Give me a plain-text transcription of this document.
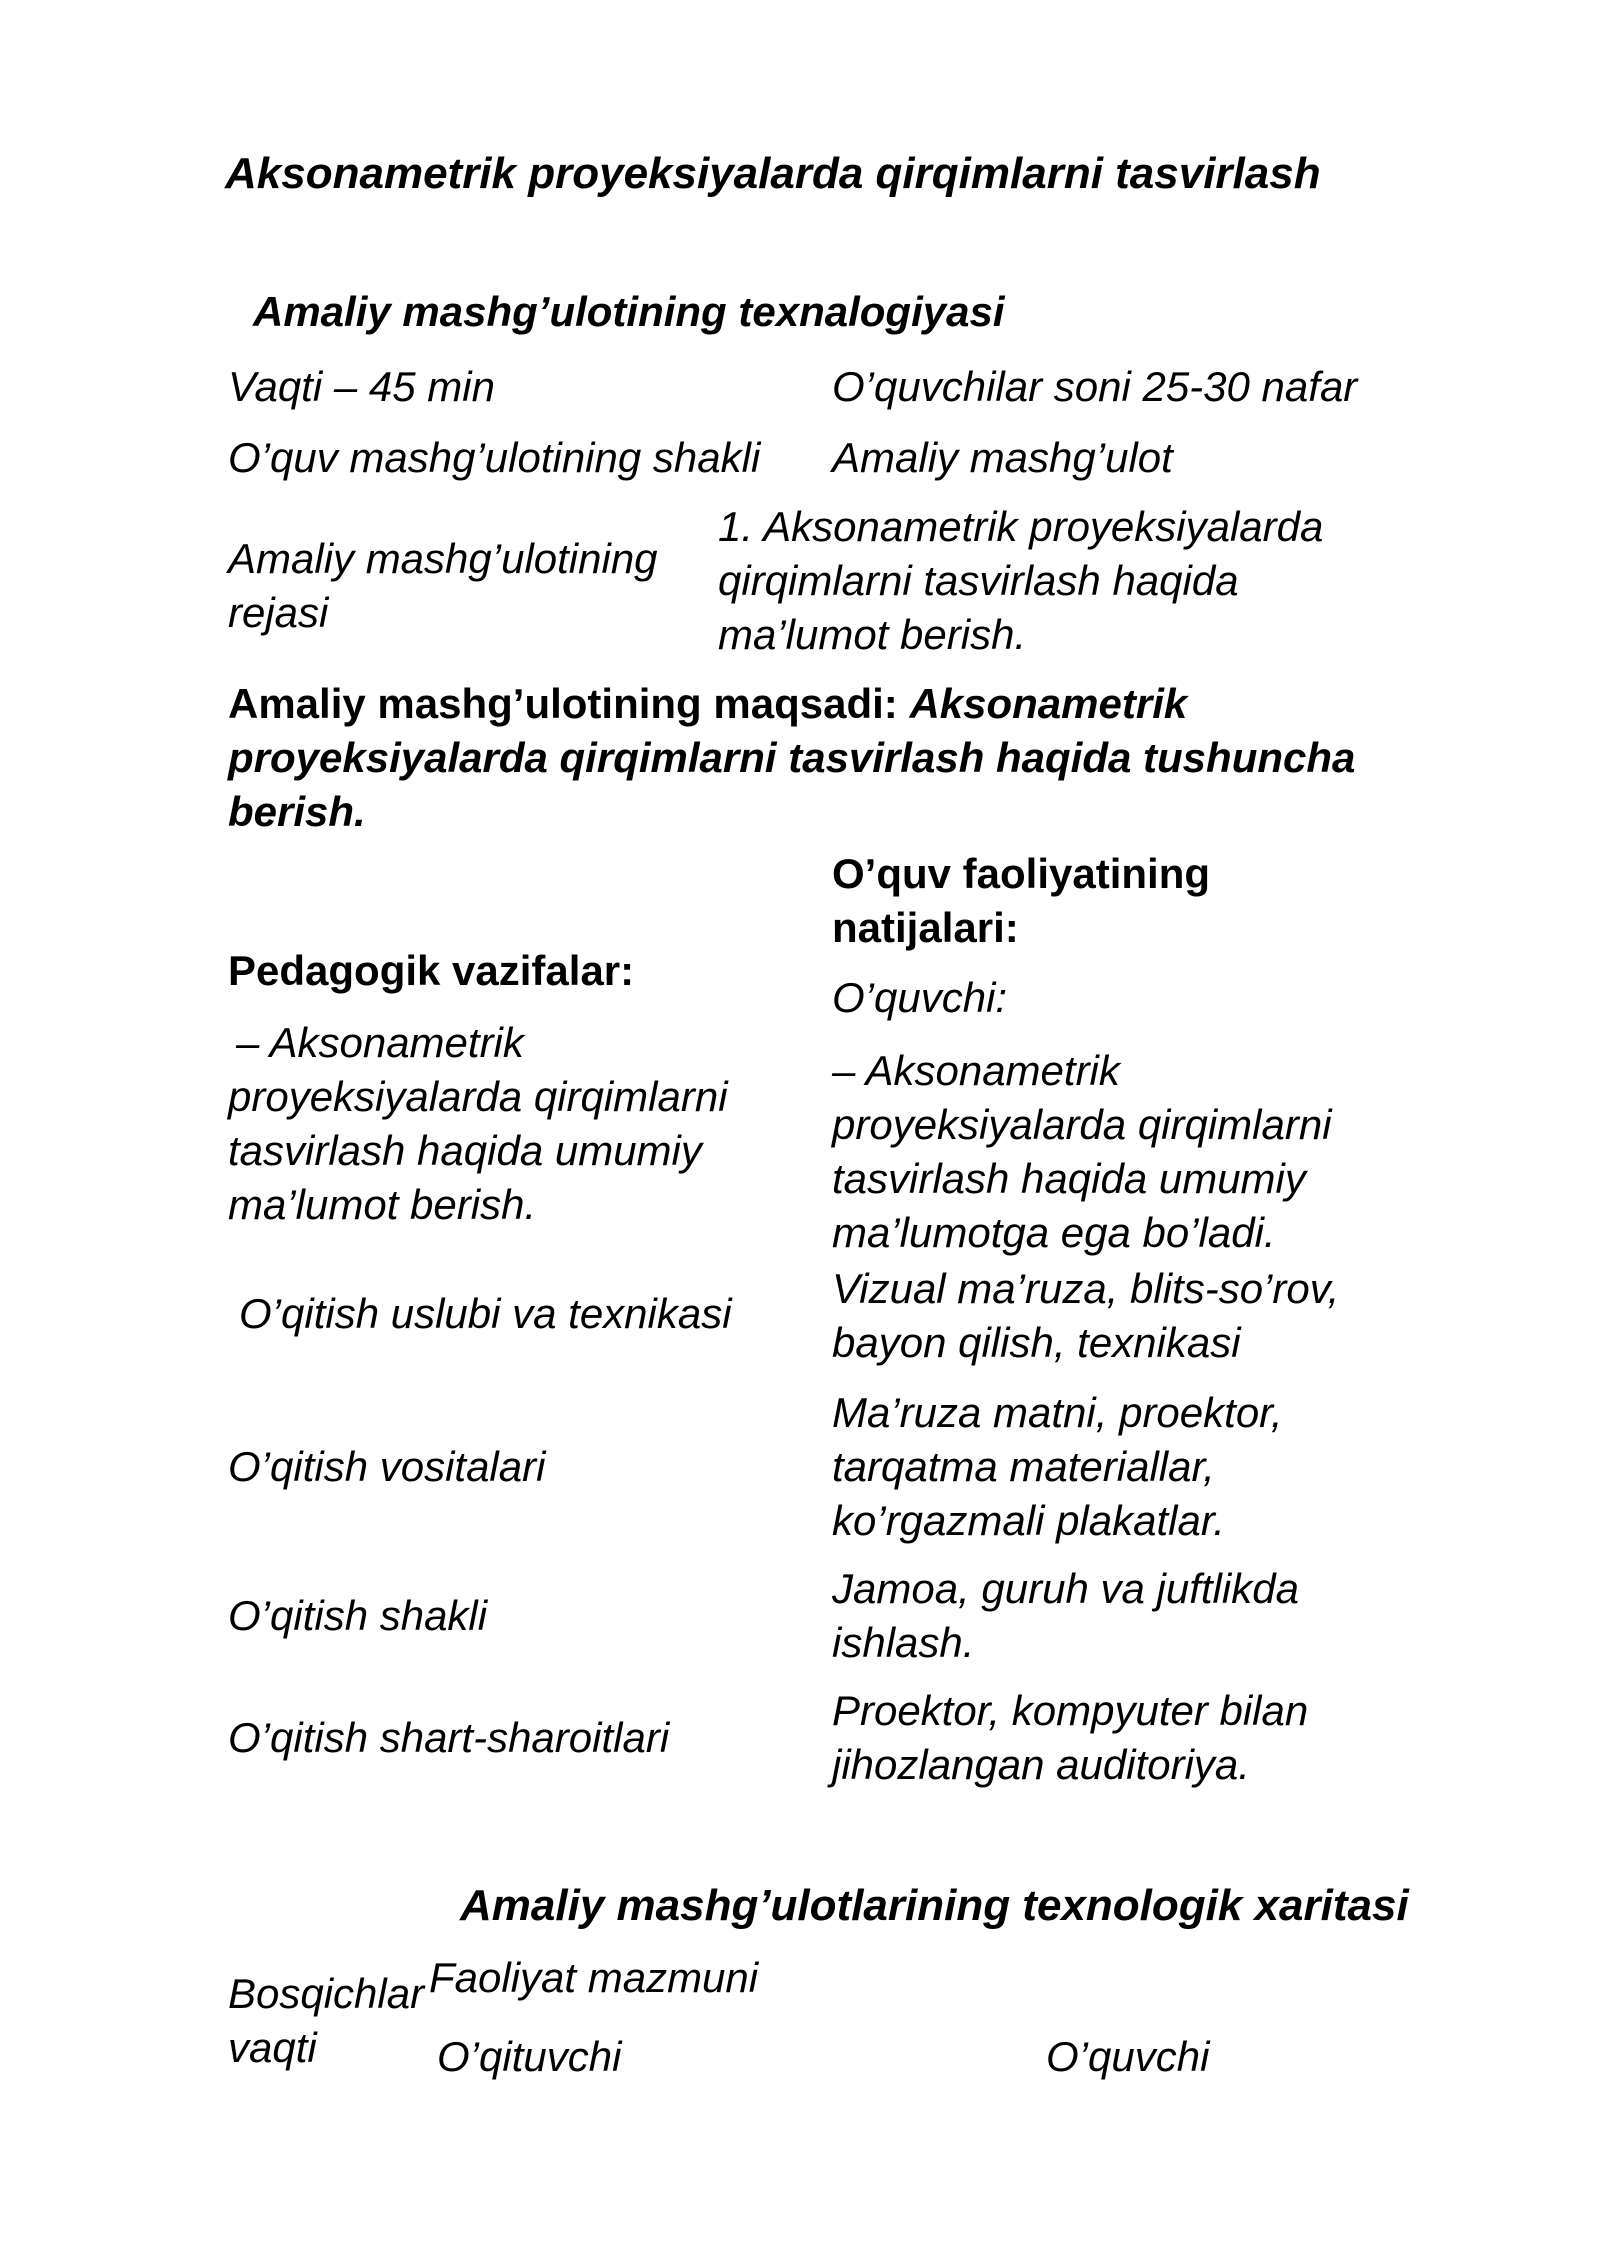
Aksonametrik proyeksiyalarda qirqimlarni tasvirlash
Amaliy mashg’ulotining texnalogiyasi
Vaqti – 45 min	O’quvchilar soni 25-30 nafar
O’quv mashg’ulotining shakli Amaliy mashg’ulot
Amaliy mashg’ulotining rejasi
1. Aksonametrik proyeksiyalarda qirqimlarni tasvirlash haqida ma’lumot berish.
Amaliy mashg’ulotining maqsadi: Aksonametrik proyeksiyalarda qirqimlarni tasvirlash haqida tushuncha berish.
Pedagogik vazifalar:
O’quv faoliyatining natijalari:
O’quvchi:
– Aksonametrik proyeksiyalarda qirqimlarni tasvirlash haqida umumiy ma’lumot berish.
– Aksonametrik proyeksiyalarda qirqimlarni tasvirlash haqida umumiy ma’lumotga ega bo’ladi.
O’qitish uslubi va texnikasi
Vizual ma’ruza, blits-so’rov, bayon qilish, texnikasi
O’qitish vositalari
Ma’ruza matni, proektor, tarqatma materiallar, ko’rgazmali plakatlar.
O’qitish shakli
Jamoa, guruh va juftlikda ishlash.
O’qitish shart-sharoitlari
Proektor, kompyuter bilan jihozlangan auditoriya.
Amaliy mashg’ulotlarining texnologik xaritasi
Bosqichlar vaqti
Faoliyat mazmuni
O’qituvchi	O’quvchi
